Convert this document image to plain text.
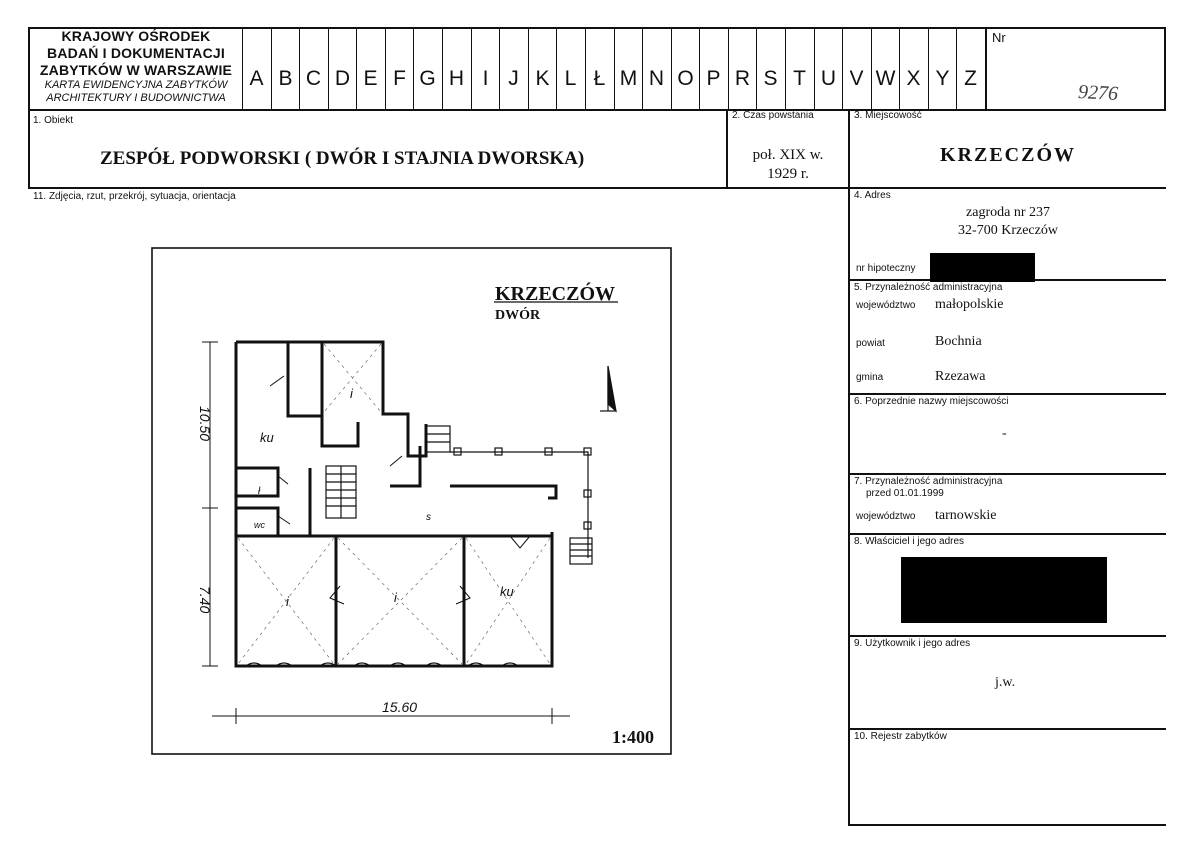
KRAJOWY OŚRODEK
BADAŃ I DOKUMENTACJI
ZABYTKÓW W WARSZAWIE
KARTA EWIDENCYJNA ZABYTKÓW
ARCHITEKTURY I BUDOWNICTWA
A B C D E F G H I J K L Ł M N O P R S T U V W X Y Z
Nr
9276
1. Obiekt
ZESPÓŁ PODWORSKI ( DWÓR I STAJNIA DWORSKA)
2. Czas powstania
poł. XIX w.
1929 r.
3. Miejscowość
KRZECZÓW
11. Zdjęcia, rzut, przekrój, sytuacja, orientacja	4. Adres
zagroda nr 237
32-700 Krzeczów
nr hipoteczny
5. Przynależność administracyjna
województwo małopolskie
powiat	Bochnia
gmina	Rzezawa
6. Poprzednie nazwy miejscowości
-
7. Przynależność administracyjna
przed 01.01.1999
województwo tarnowskie
8. Właściciel i jego adres
9. Użytkownik i jego adres
j.w.
10. Rejestr zabytków
KRZECZÓW
DWÓR
1:400
15.60
10.50
7.40
ku
i
ł
wc
s
i	i	ku
